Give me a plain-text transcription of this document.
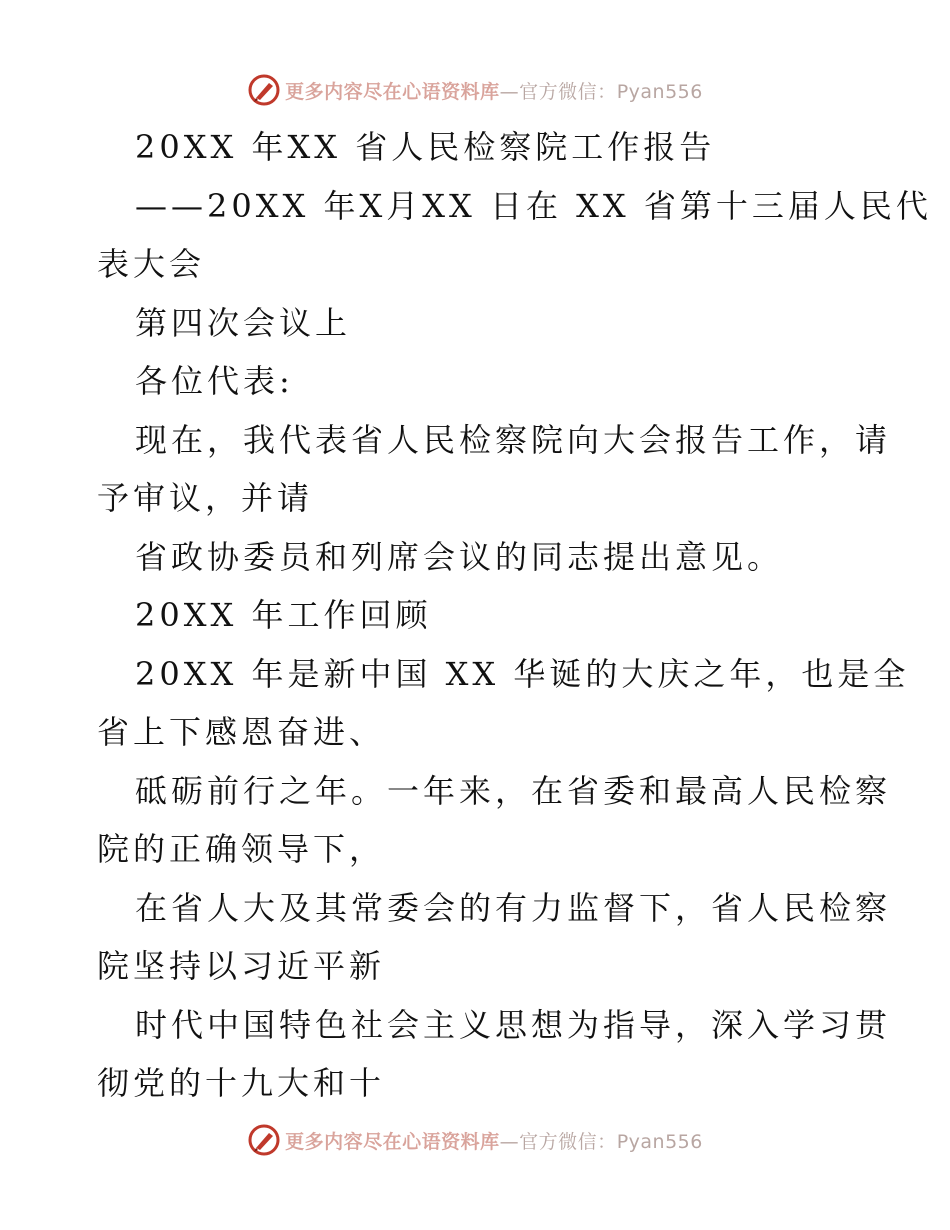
更多内容尽在心语资料库—官方微信：Pyan556
20XX 年XX 省人民检察院工作报告
——20XX 年X月XX 日在 XX 省第十三届人民代
表大会
第四次会议上
各位代表:
现在，我代表省人民检察院向大会报告工作，请
予审议，并请
省政协委员和列席会议的同志提出意见。
20XX 年工作回顾
20XX 年是新中国 XX 华诞的大庆之年，也是全
省上下感恩奋进、
砥砺前行之年。一年来，在省委和最高人民检察
院的正确领导下，
在省人大及其常委会的有力监督下，省人民检察
院坚持以习近平新
时代中国特色社会主义思想为指导，深入学习贯
彻党的十九大和十
更多内容尽在心语资料库—官方微信：Pyan556
